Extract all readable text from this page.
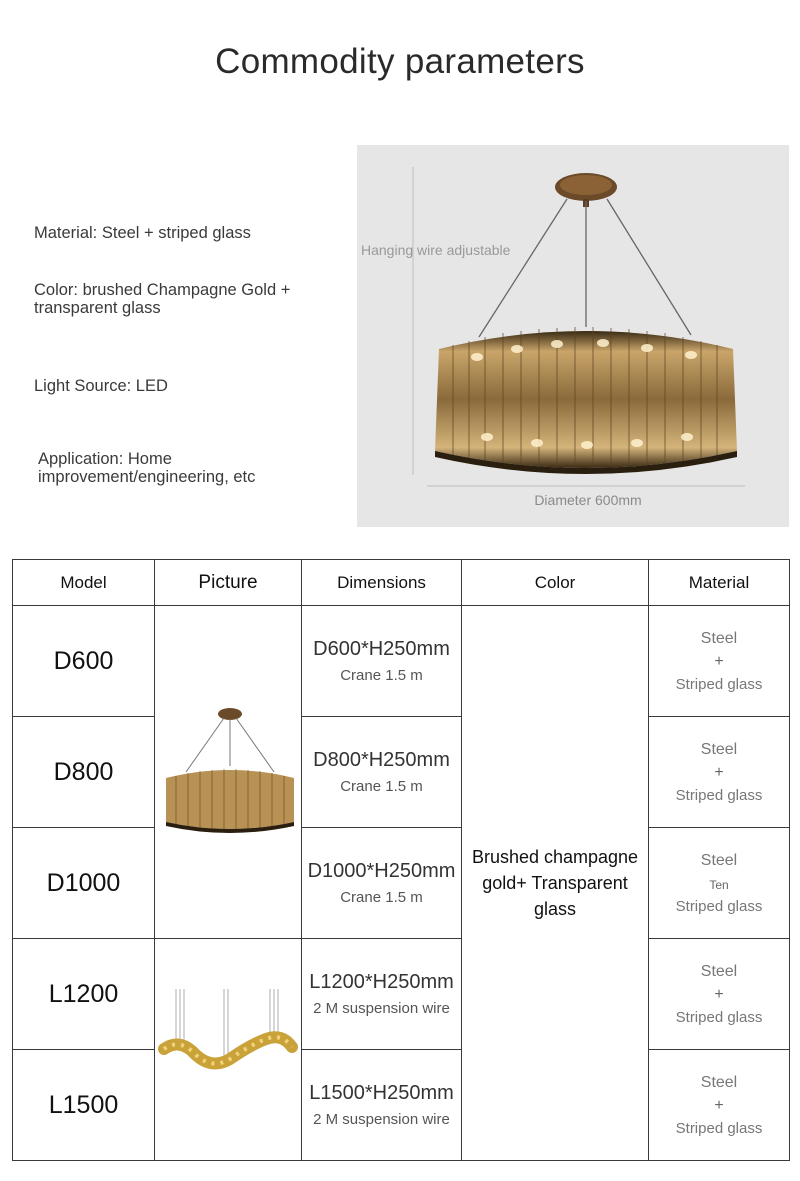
Commodity parameters
Material: Steel + striped glass
Color: brushed Champagne Gold + transparent glass
Light Source: LED
Application: Home improvement/engineering, etc
Hanging wire adjustable
Diameter 600mm
Model	Picture	Dimensions	Color	Material
D600		D600*H250mm
Crane 1.5 m	Brushed champagne gold+ Transparent glass	Steel
+
Striped glass

D800		D800*H250mm
Crane 1.5 m		Steel
+
Striped glass

D1000		D1000*H250mm
Crane 1.5 m		Steel
Ten
Striped glass

L1200		L1200*H250mm
2 M suspension wire		Steel
+
Striped glass

L1500		L1500*H250mm
2 M suspension wire		Steel
+
Striped glass
